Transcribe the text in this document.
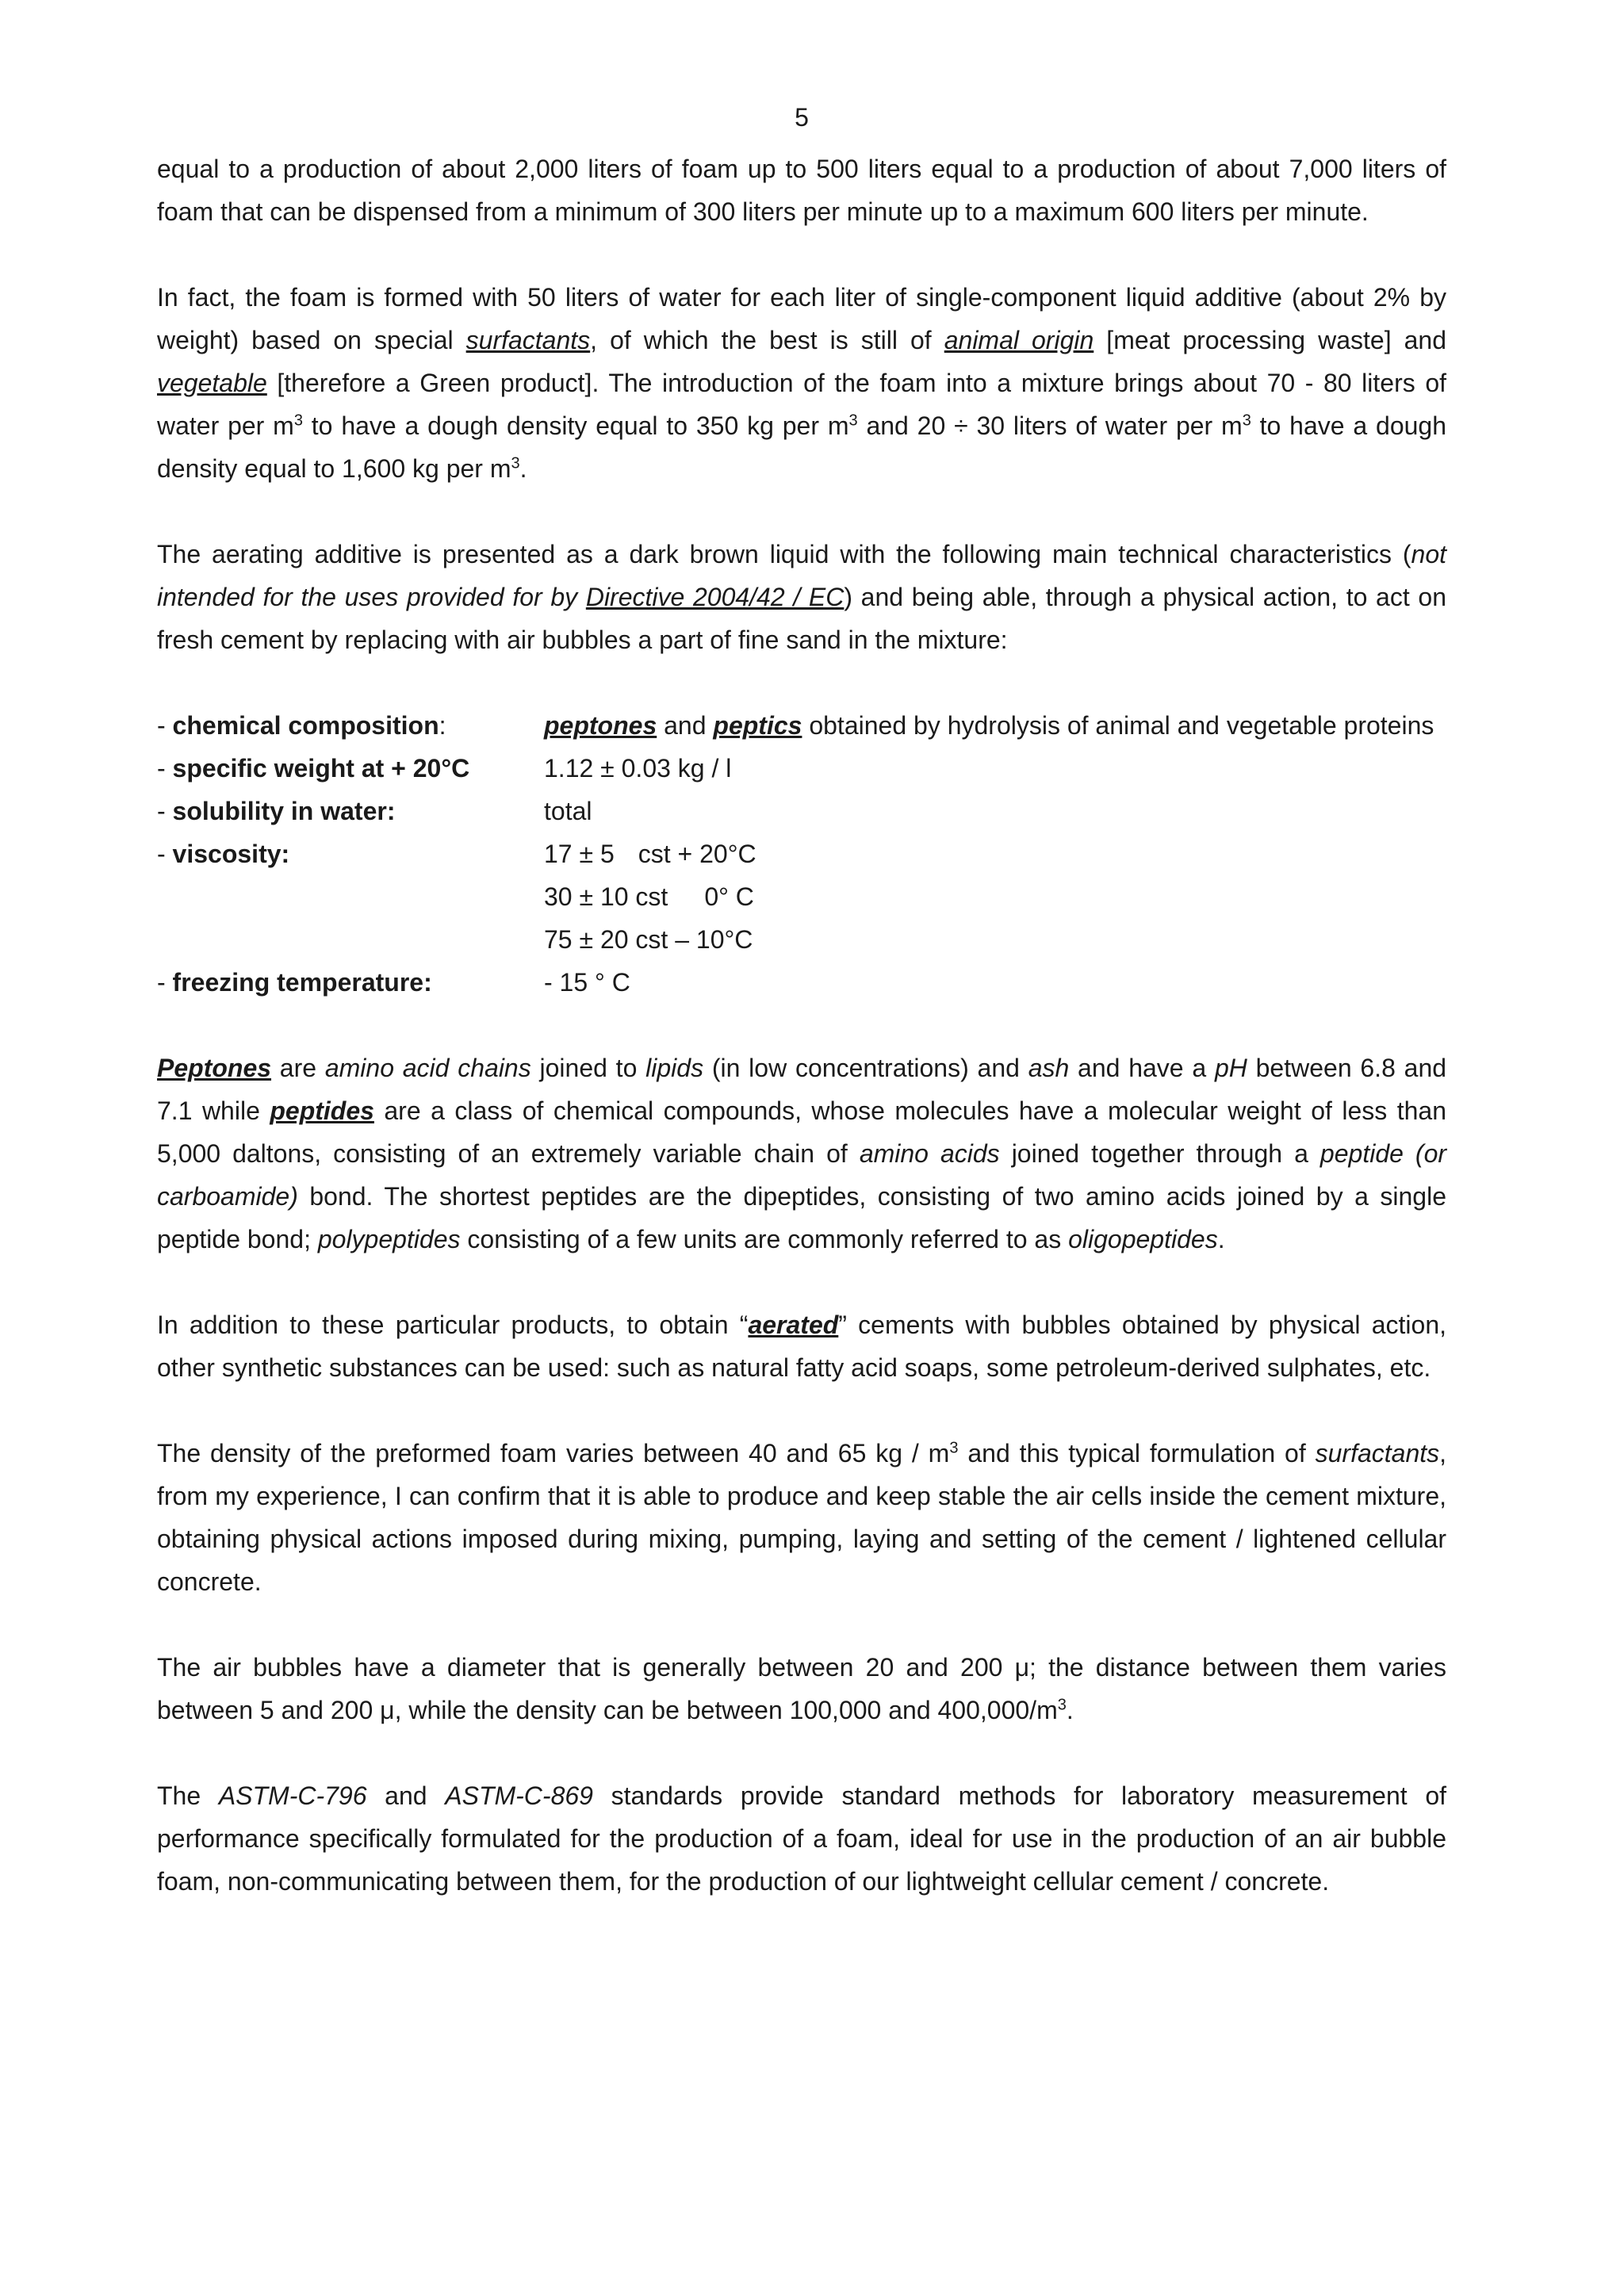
5

equal to a production of about 2,000 liters of foam up to 500 liters equal to a production of about 7,000 liters of foam that can be dispensed from a minimum of 300 liters per minute up to a maximum 600 liters per minute.

In fact, the foam is formed with 50 liters of water for each liter of single-component liquid additive (about 2% by weight) based on special surfactants, of which the best is still of animal origin [meat processing waste] and vegetable [therefore a Green product]. The introduction of the foam into a mixture brings about 70 - 80 liters of water per $m^3$ to have a dough density equal to 350 kg per $m^3$ and 20 ÷ 30 liters of water per $m^3$ to have a dough density equal to 1,600 kg per $m^3$.

The aerating additive is presented as a dark brown liquid with the following main technical characteristics (not intended for the uses provided for by Directive 2004/42 / EC) and being able, through a physical action, to act on fresh cement by replacing with air bubbles a part of fine sand in the mixture:

- chemical composition:	peptones and peptics obtained by hydrolysis of animal and vegetable proteins
- specific weight at + 20°C	1.12 ± 0.03 kg / l
- solubility in water:	total
- viscosity:	17 ± 5 cst + 20°C
30 ± 10 cst 0° C
75 ± 20 cst – 10°C
- freezing temperature:	- 15 ° C

Peptones are amino acid chains joined to lipids (in low concentrations) and ash and have a pH between 6.8 and 7.1 while peptides are a class of chemical compounds, whose molecules have a molecular weight of less than 5,000 daltons, consisting of an extremely variable chain of amino acids joined together through a peptide (or carboamide) bond. The shortest peptides are the dipeptides, consisting of two amino acids joined by a single peptide bond; polypeptides consisting of a few units are commonly referred to as oligopeptides.

In addition to these particular products, to obtain “aerated” cements with bubbles obtained by physical action, other synthetic substances can be used: such as natural fatty acid soaps, some petroleum-derived sulphates, etc.

The density of the preformed foam varies between 40 and 65 kg / $m^3$ and this typical formulation of surfactants, from my experience, I can confirm that it is able to produce and keep stable the air cells inside the cement mixture, obtaining physical actions imposed during mixing, pumping, laying and setting of the cement / lightened cellular concrete.

The air bubbles have a diameter that is generally between 20 and 200 μ; the distance between them varies between 5 and 200 μ, while the density can be between 100,000 and $400,000/m^3$.

The ASTM-C-796 and ASTM-C-869 standards provide standard methods for laboratory measurement of performance specifically formulated for the production of a foam, ideal for use in the production of an air bubble foam, non-communicating between them, for the production of our lightweight cellular cement / concrete.
